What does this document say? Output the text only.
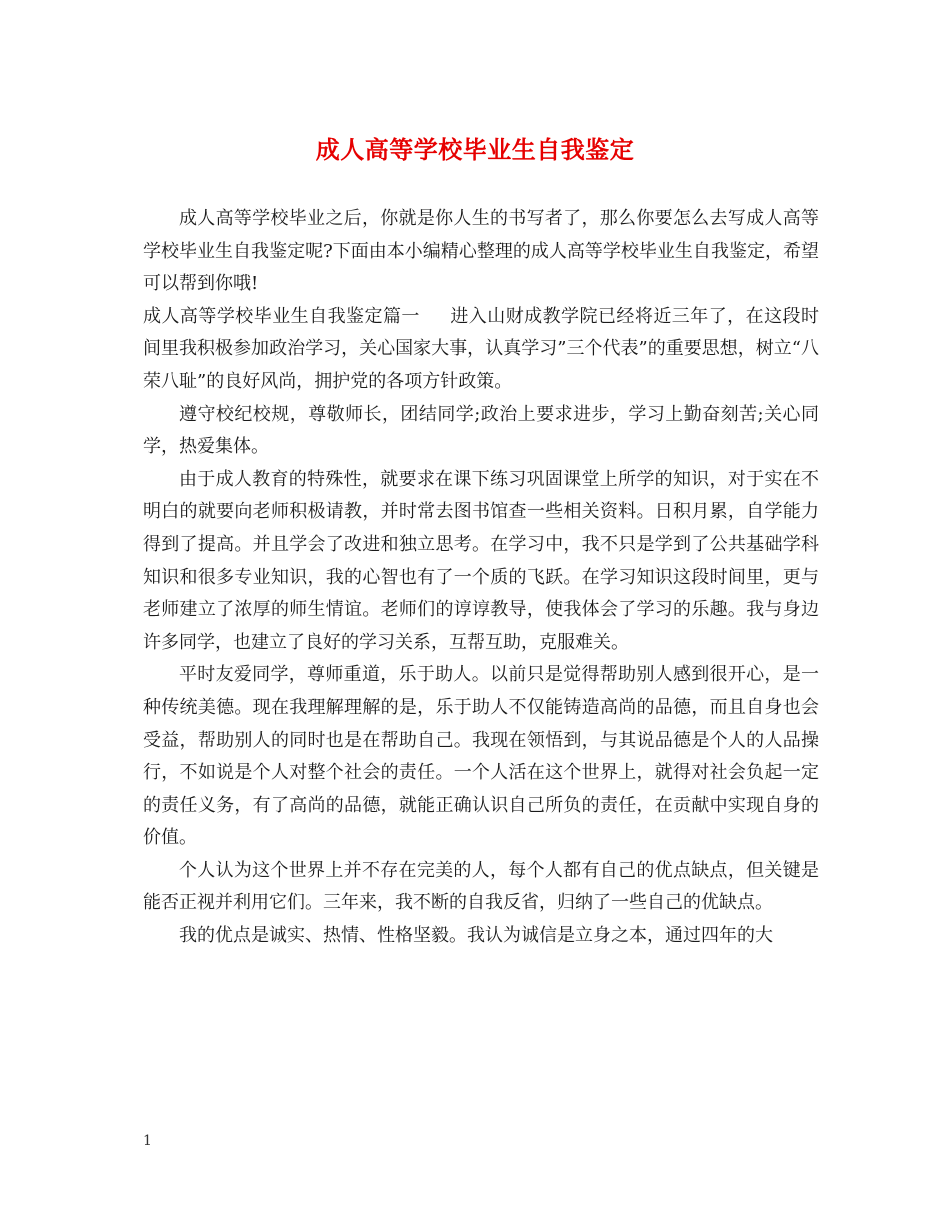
成人高等学校毕业生自我鉴定

成人高等学校毕业之后，你就是你人生的书写者了，那么你要怎么去写成人高等学校毕业生自我鉴定呢?下面由本小编精心整理的成人高等学校毕业生自我鉴定，希望可以帮到你哦!

成人高等学校毕业生自我鉴定篇一 进入山财成教学院已经将近三年了，在这段时间里我积极参加政治学习，关心国家大事，认真学习”三个代表”的重要思想，树立“八荣八耻”的良好风尚，拥护党的各项方针政策。

遵守校纪校规，尊敬师长，团结同学;政治上要求进步，学习上勤奋刻苦;关心同学，热爱集体。

由于成人教育的特殊性，就要求在课下练习巩固课堂上所学的知识，对于实在不明白的就要向老师积极请教，并时常去图书馆查一些相关资料。日积月累，自学能力得到了提高。并且学会了改进和独立思考。在学习中，我不只是学到了公共基础学科知识和很多专业知识，我的心智也有了一个质的飞跃。在学习知识这段时间里，更与老师建立了浓厚的师生情谊。老师们的谆谆教导，使我体会了学习的乐趣。我与身边许多同学，也建立了良好的学习关系，互帮互助，克服难关。

平时友爱同学，尊师重道，乐于助人。以前只是觉得帮助别人感到很开心，是一种传统美德。现在我理解理解的是，乐于助人不仅能铸造高尚的品德，而且自身也会受益，帮助别人的同时也是在帮助自己。我现在领悟到，与其说品德是个人的人品操行，不如说是个人对整个社会的责任。一个人活在这个世界上，就得对社会负起一定的责任义务，有了高尚的品德，就能正确认识自己所负的责任，在贡献中实现自身的价值。

个人认为这个世界上并不存在完美的人，每个人都有自己的优点缺点，但关键是能否正视并利用它们。三年来，我不断的自我反省，归纳了一些自己的优缺点。

我的优点是诚实、热情、性格坚毅。我认为诚信是立身之本，通过四年的大

1
